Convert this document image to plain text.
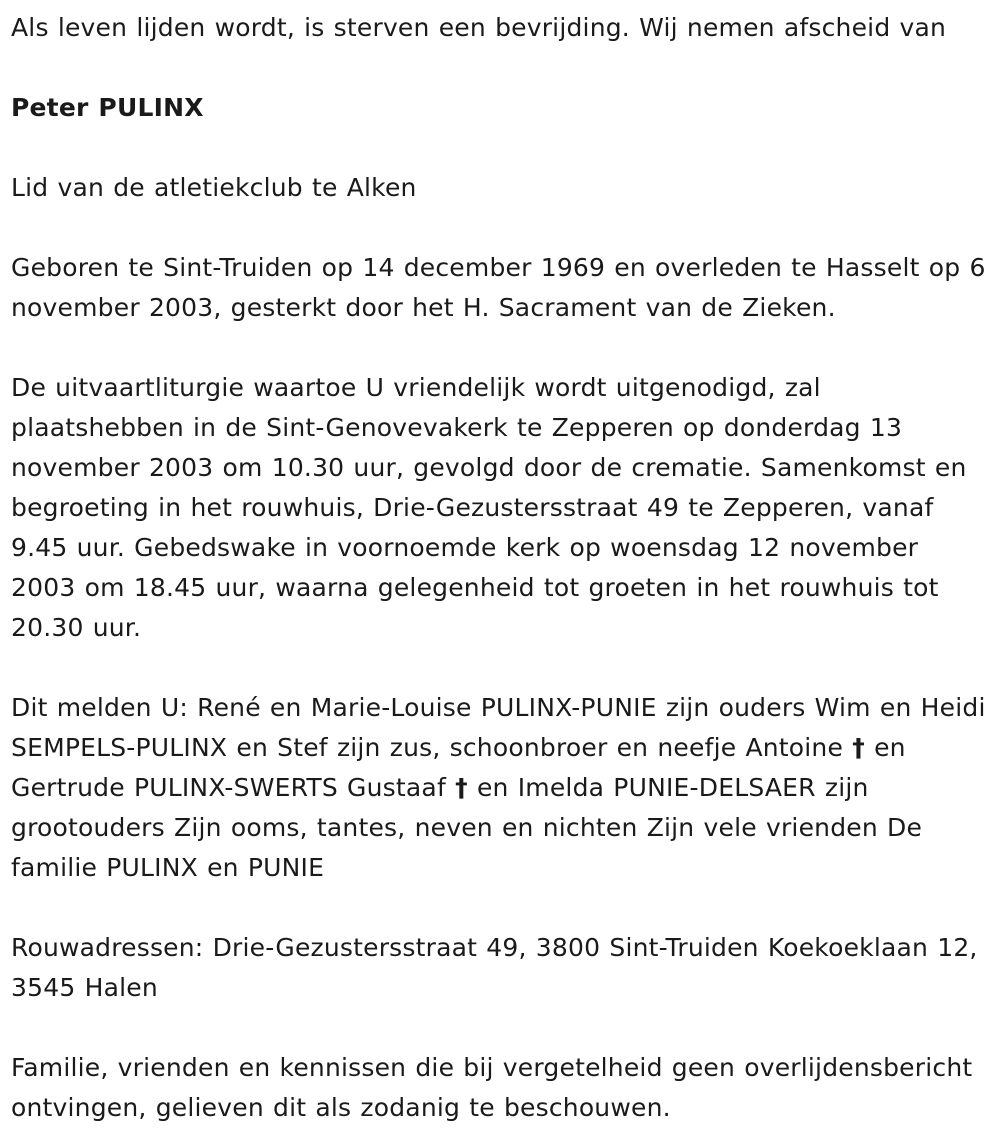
Als leven lijden wordt, is sterven een bevrijding. Wij nemen afscheid van

Peter PULINX

Lid van de atletiekclub te Alken

Geboren te Sint-Truiden op 14 december 1969 en overleden te Hasselt op 6 november 2003, gesterkt door het H. Sacrament van de Zieken.

De uitvaartliturgie waartoe U vriendelijk wordt uitgenodigd, zal plaatshebben in de Sint-Genovevakerk te Zepperen op donderdag 13 november 2003 om 10.30 uur, gevolgd door de crematie. Samenkomst en begroeting in het rouwhuis, Drie-Gezustersstraat 49 te Zepperen, vanaf 9.45 uur. Gebedswake in voornoemde kerk op woensdag 12 november 2003 om 18.45 uur, waarna gelegenheid tot groeten in het rouwhuis tot 20.30 uur.

Dit melden U: René en Marie-Louise PULINX-PUNIE zijn ouders Wim en Heidi SEMPELS-PULINX en Stef zijn zus, schoonbroer en neefje Antoine † en Gertrude PULINX-SWERTS Gustaaf † en Imelda PUNIE-DELSAER zijn grootouders Zijn ooms, tantes, neven en nichten Zijn vele vrienden De familie PULINX en PUNIE

Rouwadressen: Drie-Gezustersstraat 49, 3800 Sint-Truiden Koekoeklaan 12, 3545 Halen

Familie, vrienden en kennissen die bij vergetelheid geen overlijdensbericht ontvingen, gelieven dit als zodanig te beschouwen.
